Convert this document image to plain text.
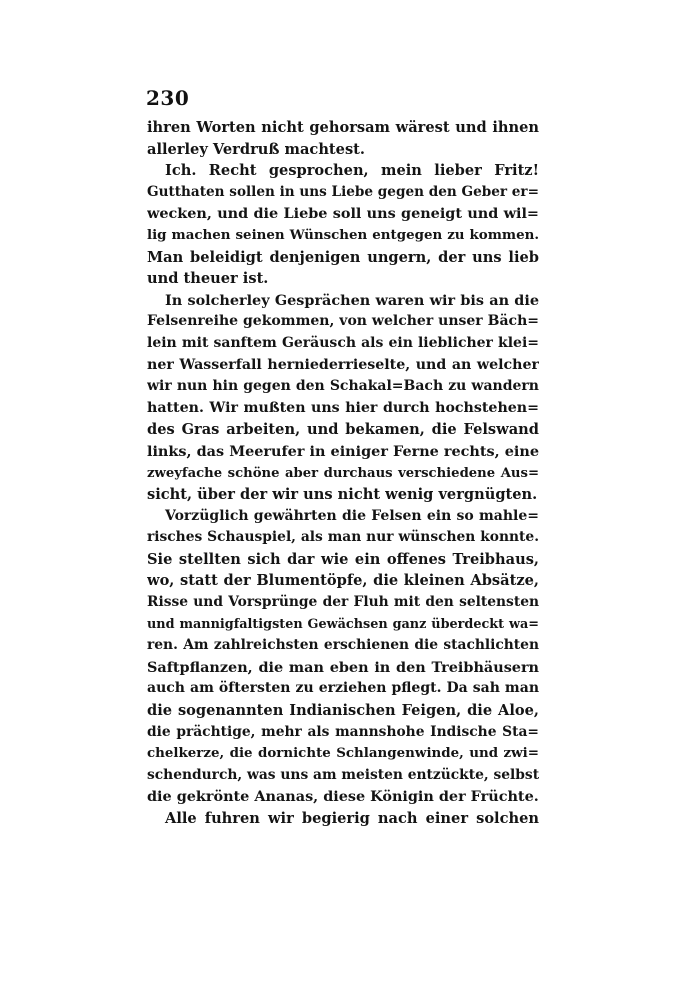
230
ihren Worten nicht gehorsam wärest und ihnen
allerley Verdruß machtest.
Ich. Recht gesprochen, mein lieber Fritz!
Gutthaten sollen in uns Liebe gegen den Geber er=
wecken, und die Liebe soll uns geneigt und wil=
lig machen seinen Wünschen entgegen zu kommen.
Man beleidigt denjenigen ungern, der uns lieb
und theuer ist.
In solcherley Gesprächen waren wir bis an die
Felsenreihe gekommen, von welcher unser Bäch=
lein mit sanftem Geräusch als ein lieblicher klei=
ner Wasserfall herniederrieselte, und an welcher
wir nun hin gegen den Schakal=Bach zu wandern
hatten. Wir mußten uns hier durch hochstehen=
des Gras arbeiten, und bekamen, die Felswand
links, das Meerufer in einiger Ferne rechts, eine
zweyfache schöne aber durchaus verschiedene Aus=
sicht, über der wir uns nicht wenig vergnügten.
Vorzüglich gewährten die Felsen ein so mahle=
risches Schauspiel, als man nur wünschen konnte.
Sie stellten sich dar wie ein offenes Treibhaus,
wo, statt der Blumentöpfe, die kleinen Absätze,
Risse und Vorsprünge der Fluh mit den seltensten
und mannigfaltigsten Gewächsen ganz überdeckt wa=
ren. Am zahlreichsten erschienen die stachlichten
Saftpflanzen, die man eben in den Treibhäusern
auch am öftersten zu erziehen pflegt. Da sah man
die sogenannten Indianischen Feigen, die Aloe,
die prächtige, mehr als mannshohe Indische Sta=
chelkerze, die dornichte Schlangenwinde, und zwi=
schendurch, was uns am meisten entzückte, selbst
die gekrönte Ananas, diese Königin der Früchte.
Alle fuhren wir begierig nach einer solchen
